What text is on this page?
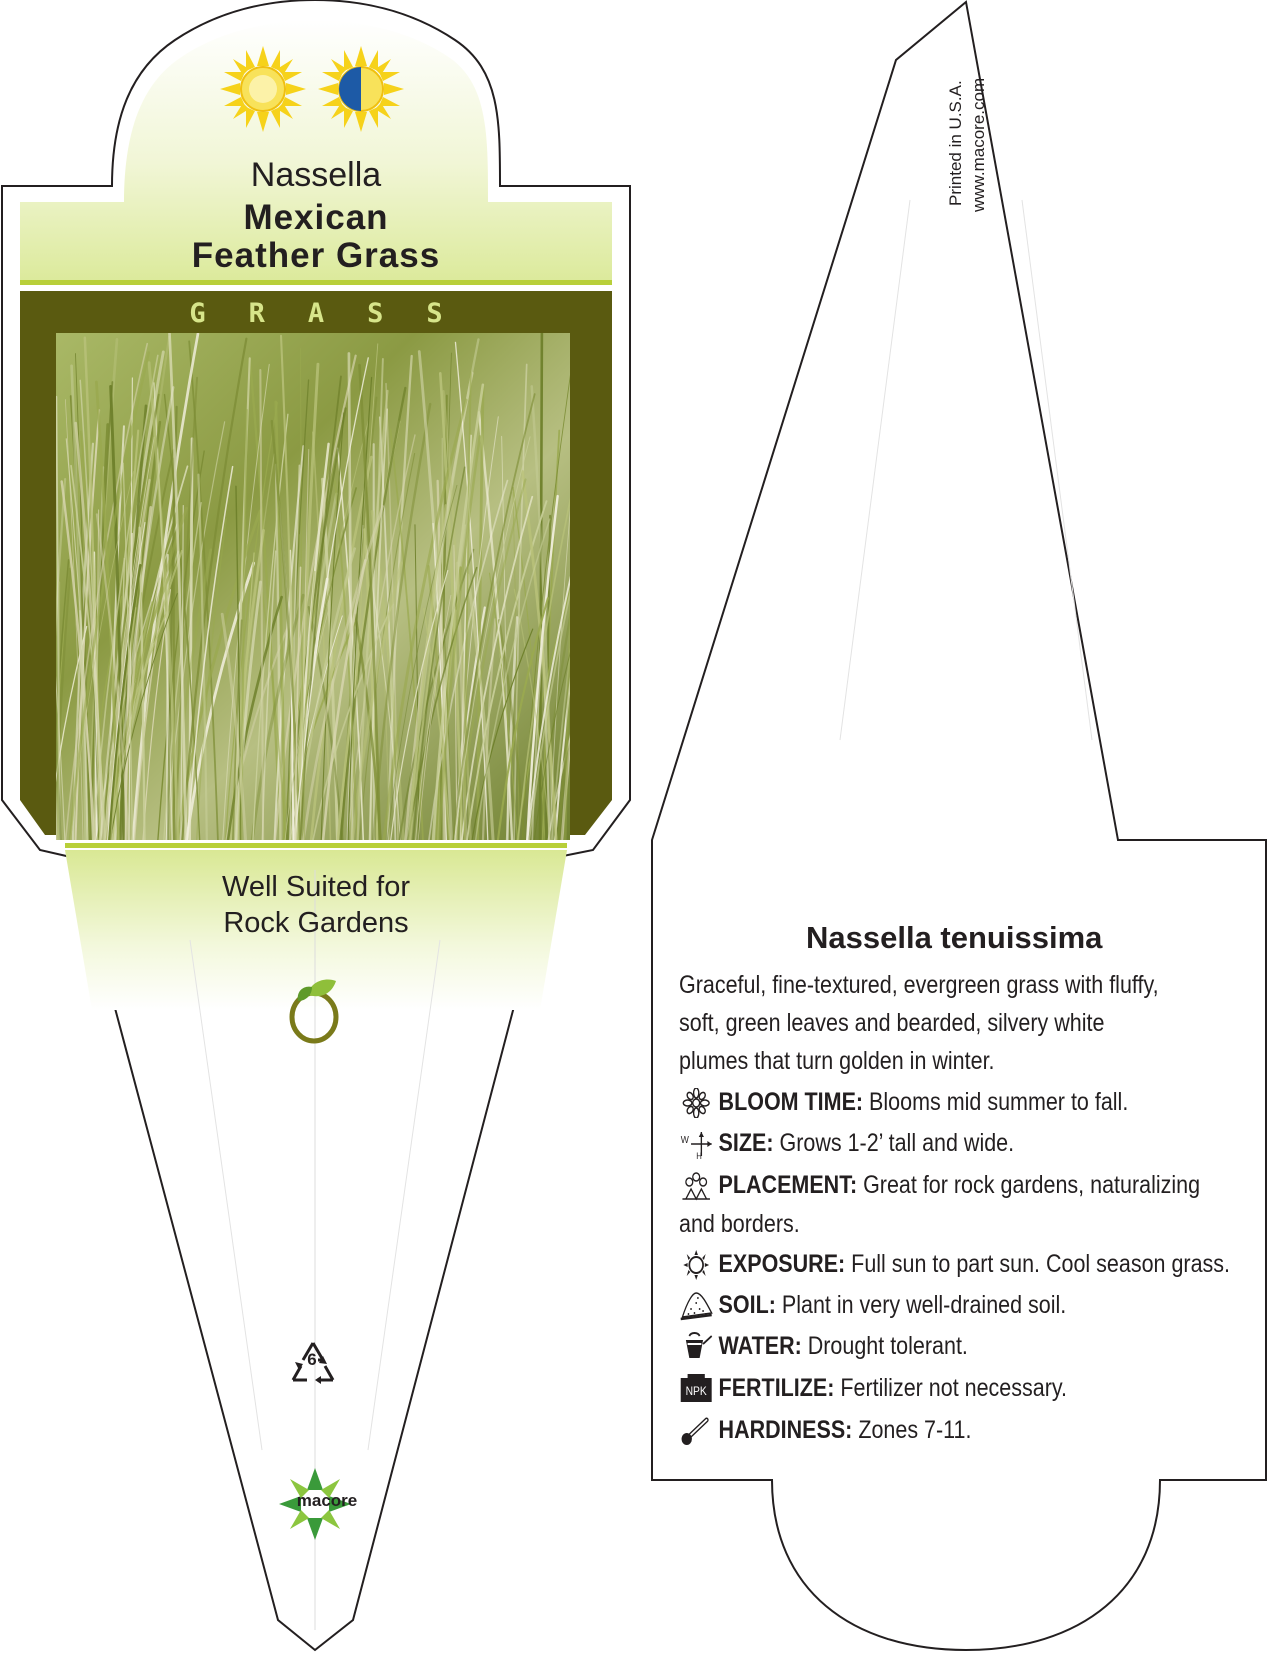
Nassella
Mexican
Feather Grass
GRASS
Well Suited for
Rock Gardens
6
macore
Printed in U.S.A. www.macore.com
Nassella tenuissima
Graceful, fine-textured, evergreen grass with fluffy, soft, green leaves and bearded, silvery white plumes that turn golden in winter.
BLOOM TIME: Blooms mid summer to fall.
W
H SIZE: Grows 1-2’ tall and wide.
PLACEMENT: Great for rock gardens, naturalizing
and borders.
EXPOSURE: Full sun to part sun. Cool season grass.
SOIL: Plant in very well-drained soil.
WATER: Drought tolerant.
NPK FERTILIZE: Fertilizer not necessary.
HARDINESS: Zones 7-11.
